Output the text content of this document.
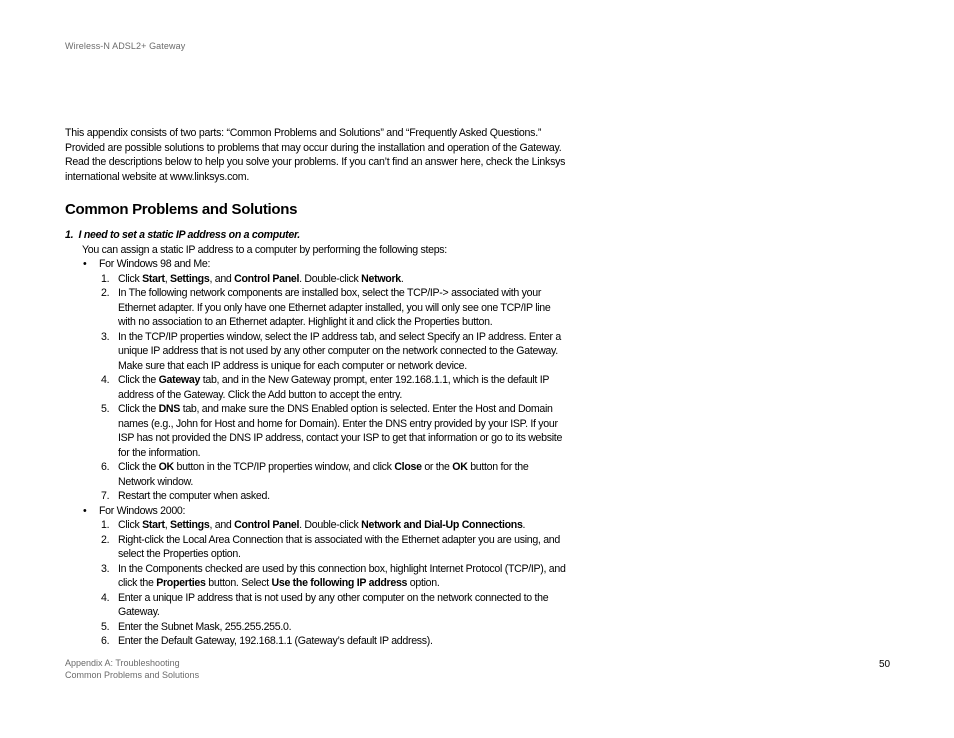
Wireless-N ADSL2+ Gateway

This appendix consists of two parts: “Common Problems and Solutions” and “Frequently Asked Questions.”

Provided are possible solutions to problems that may occur during the installation and operation of the Gateway.

Read the descriptions below to help you solve your problems. If you can’t find an answer here, check the Linksys

international website at www.linksys.com.

Common Problems and Solutions

1. I need to set a static IP address on a computer.

You can assign a static IP address to a computer by performing the following steps:

• For Windows 98 and Me:
1. Click Start, Settings, and Control Panel. Double-click Network.
2. In The following network components are installed box, select the TCP/IP-> associated with your
Ethernet adapter. If you only have one Ethernet adapter installed, you will only see one TCP/IP line
with no association to an Ethernet adapter. Highlight it and click the Properties button.
3. In the TCP/IP properties window, select the IP address tab, and select Specify an IP address. Enter a
unique IP address that is not used by any other computer on the network connected to the Gateway.
Make sure that each IP address is unique for each computer or network device.
4. Click the Gateway tab, and in the New Gateway prompt, enter 192.168.1.1, which is the default IP
address of the Gateway. Click the Add button to accept the entry.
5. Click the DNS tab, and make sure the DNS Enabled option is selected. Enter the Host and Domain
names (e.g., John for Host and home for Domain). Enter the DNS entry provided by your ISP. If your
ISP has not provided the DNS IP address, contact your ISP to get that information or go to its website
for the information.
6. Click the OK button in the TCP/IP properties window, and click Close or the OK button for the
Network window.
7. Restart the computer when asked.
• For Windows 2000:
1. Click Start, Settings, and Control Panel. Double-click Network and Dial-Up Connections.
2. Right-click the Local Area Connection that is associated with the Ethernet adapter you are using, and
select the Properties option.
3. In the Components checked are used by this connection box, highlight Internet Protocol (TCP/IP), and
click the Properties button. Select Use the following IP address option.
4. Enter a unique IP address that is not used by any other computer on the network connected to the
Gateway.
5. Enter the Subnet Mask, 255.255.255.0.
6. Enter the Default Gateway, 192.168.1.1 (Gateway’s default IP address).
Appendix A: Troubleshooting
Common Problems and Solutions
50
